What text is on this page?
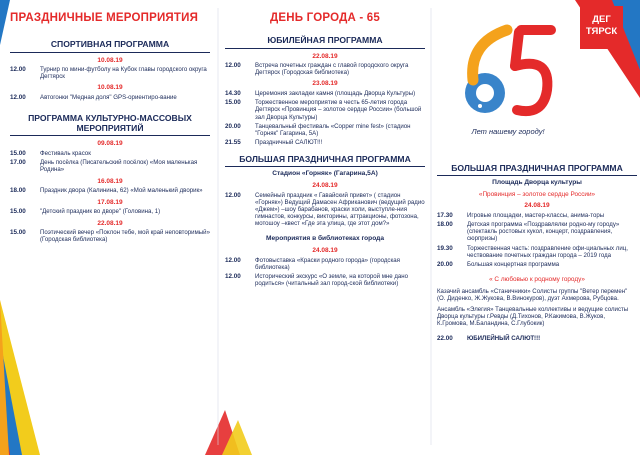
ДЕГ
ТЯРСК
Лет нашему городу!
ПРАЗДНИЧНЫЕ МЕРОПРИЯТИЯ
СПОРТИВНАЯ ПРОГРАММА
10.08.19
12.00	Турнир по мини-футболу на Кубок главы городского округа Дегтярск
10.08.19
12.00	Автогонки "Медная доля" GPS-ориентиро-вание
ПРОГРАММА КУЛЬТУРНО-МАССОВЫХ МЕРОПРИЯТИЙ
09.08.19
15.00	Фестиваль красок
17.00	День посёлка (Писательский посёлок) «Моя маленькая Родина»
16.08.19
18.00	Праздник двора (Калинина, 62) «Мой маленький дворик»
17.08.19
15.00	"Детский праздник во дворе" (Головина, 1)
22.08.19
15.00	Поэтический вечер «Поклон тебе, мой край неповторимый» (Городская библиотека)
ДЕНЬ ГОРОДА - 65
ЮБИЛЕЙНАЯ ПРОГРАММА
22.08.19
12.00	Встреча почетных граждан с главой городского округа Дегтярск (Городская библиотека)
23.08.19
14.30	Церемония закладки камня (площадь Дворца Культуры)
15.00	Торжественное мероприятие в честь 65-летия города Дегтярск «Провинция – золотое сердце России» (большой зал Дворца Культуры)
20.00	Танцевальный фестиваль «Copper mine fest» (стадион "Горняк" Гагарина, 5А)
21.55	Праздничный САЛЮТ!!!
БОЛЬШАЯ ПРАЗДНИЧНАЯ ПРОГРАММА
Стадион «Горняк» (Гагарина,5А)
24.08.19
12.00	Семейный праздник « Гавайский привет» ( стадион «Горняк») Ведущий Дамасен Африканович (ведущий радио «Джем») –шоу барабанов, краски холи, выступле-ния гимнастов, конкурсы, викторины, аттракционы, фотозона, мотошоу –квест «Где эта улица, где этот дом?»
Мероприятия в библиотеках города
24.08.19
12.00	Фотовыставка «Краски родного города» (городская библиотека)
12.00	Исторический экскурс «О земле, на которой мне дано родиться» (читальный зал город-ской библиотеки)
БОЛЬШАЯ ПРАЗДНИЧНАЯ ПРОГРАММА
Площадь Дворца культуры
«Провинция – золотое сердце России»
24.08.19
17.30	Игровые площадки, мастер-классы, анима-торы
18.00	Детская программа «Поздравлялки родно-му городу» (спектакль ростовых кукол, концерт, поздравления, сюрпризы)
19.30	Торжественная часть: поздравление офи-циальных лиц, чествование почетных граждан города – 2019 года
20.00	Большая концертная программа
« С любовью к родному городу»
Казачий ансамбль «Станичники» Солисты группы "Ветер перемен" (О. Диденко, Ж.Жукова, В.Винокуров), дуэт Ахмерова, Рубцова.
Ансамбль «Элегия» Танцевальные коллективы и ведущие солисты Дворца культуры г.Ревды (Д.Тихонов, Р.Какимова, В.Жуков, К.Громова, М.Баландина, С.Глубокик)
22.00	ЮБИЛЕЙНЫЙ САЛЮТ!!!
